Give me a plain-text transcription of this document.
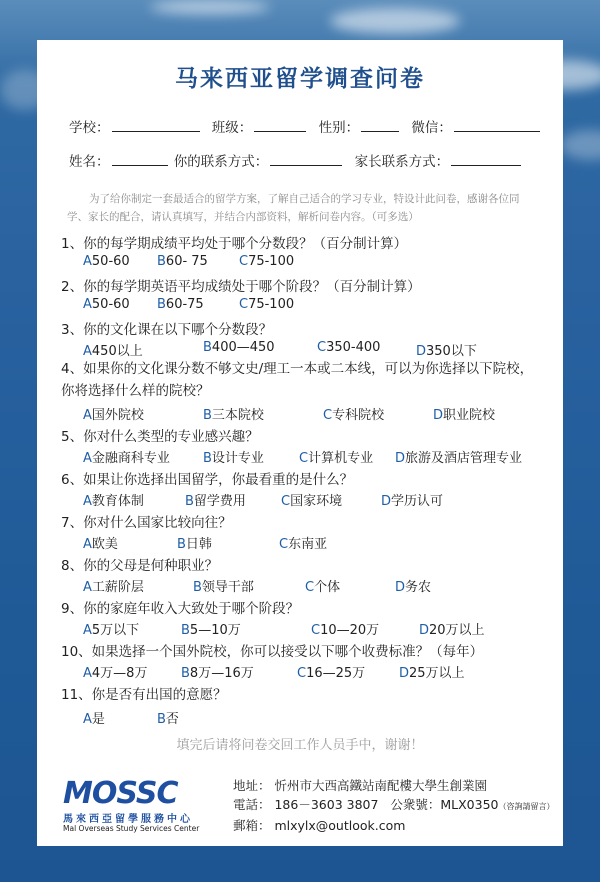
马来西亚留学调查问卷
学校：	班级：	性别：	微信：
姓名：	你的联系方式：	家长联系方式：
为了给你制定一套最适合的留学方案，了解自己适合的学习专业，特设计此问卷，感谢各位同学、家长的配合，请认真填写，并结合内部资料，解析问卷内容。（可多选）
1、你的每学期成绩平均处于哪个分数段？（百分制计算）
A50-60 B60- 75 C75-100
2、你的每学期英语平均成绩处于哪个阶段？（百分制计算）
A50-60 B60-75	C75-100
3、你的文化课在以下哪个分数段？
A450以上	B400—450	C350-400	D350以下
4、如果你的文化课分数不够文史/理工一本或二本线，可以为你选择以下院校，你将选择什么样的院校？
A国外院校	B三本院校	C专科院校	D职业院校
5、你对什么类型的专业感兴趣？
A金融商科专业	B设计专业	C计算机专业 D旅游及酒店管理专业
6、如果让你选择出国留学，你最看重的是什么？
A教育体制	B留学费用	C国家环境	D学历认可
7、你对什么国家比较向往？
A欧美	B日韩	C东南亚
8、你的父母是何种职业？
A工薪阶层	B领导干部	C个体	D务农
9、你的家庭年收入大致处于哪个阶段？
A5万以下	B5—10万	C10—20万	D20万以上
10、如果选择一个国外院校，你可以接受以下哪个收费标准？（每年）
A4万—8万	B8万—16万	C16—25万	D25万以上
11、你是否有出国的意愿？
A是	B否
填完后请将问卷交回工作人员手中，谢谢！
MOSSC
馬來西亞留學服務中心
Mal Overseas Study Services Center
地址： 忻州市大西高鐵站南配樓大學生創業園
電話： 186－3603 3807 公衆號：MLX0350（咨詢請留言）
郵箱： mlxylx@outlook.com
